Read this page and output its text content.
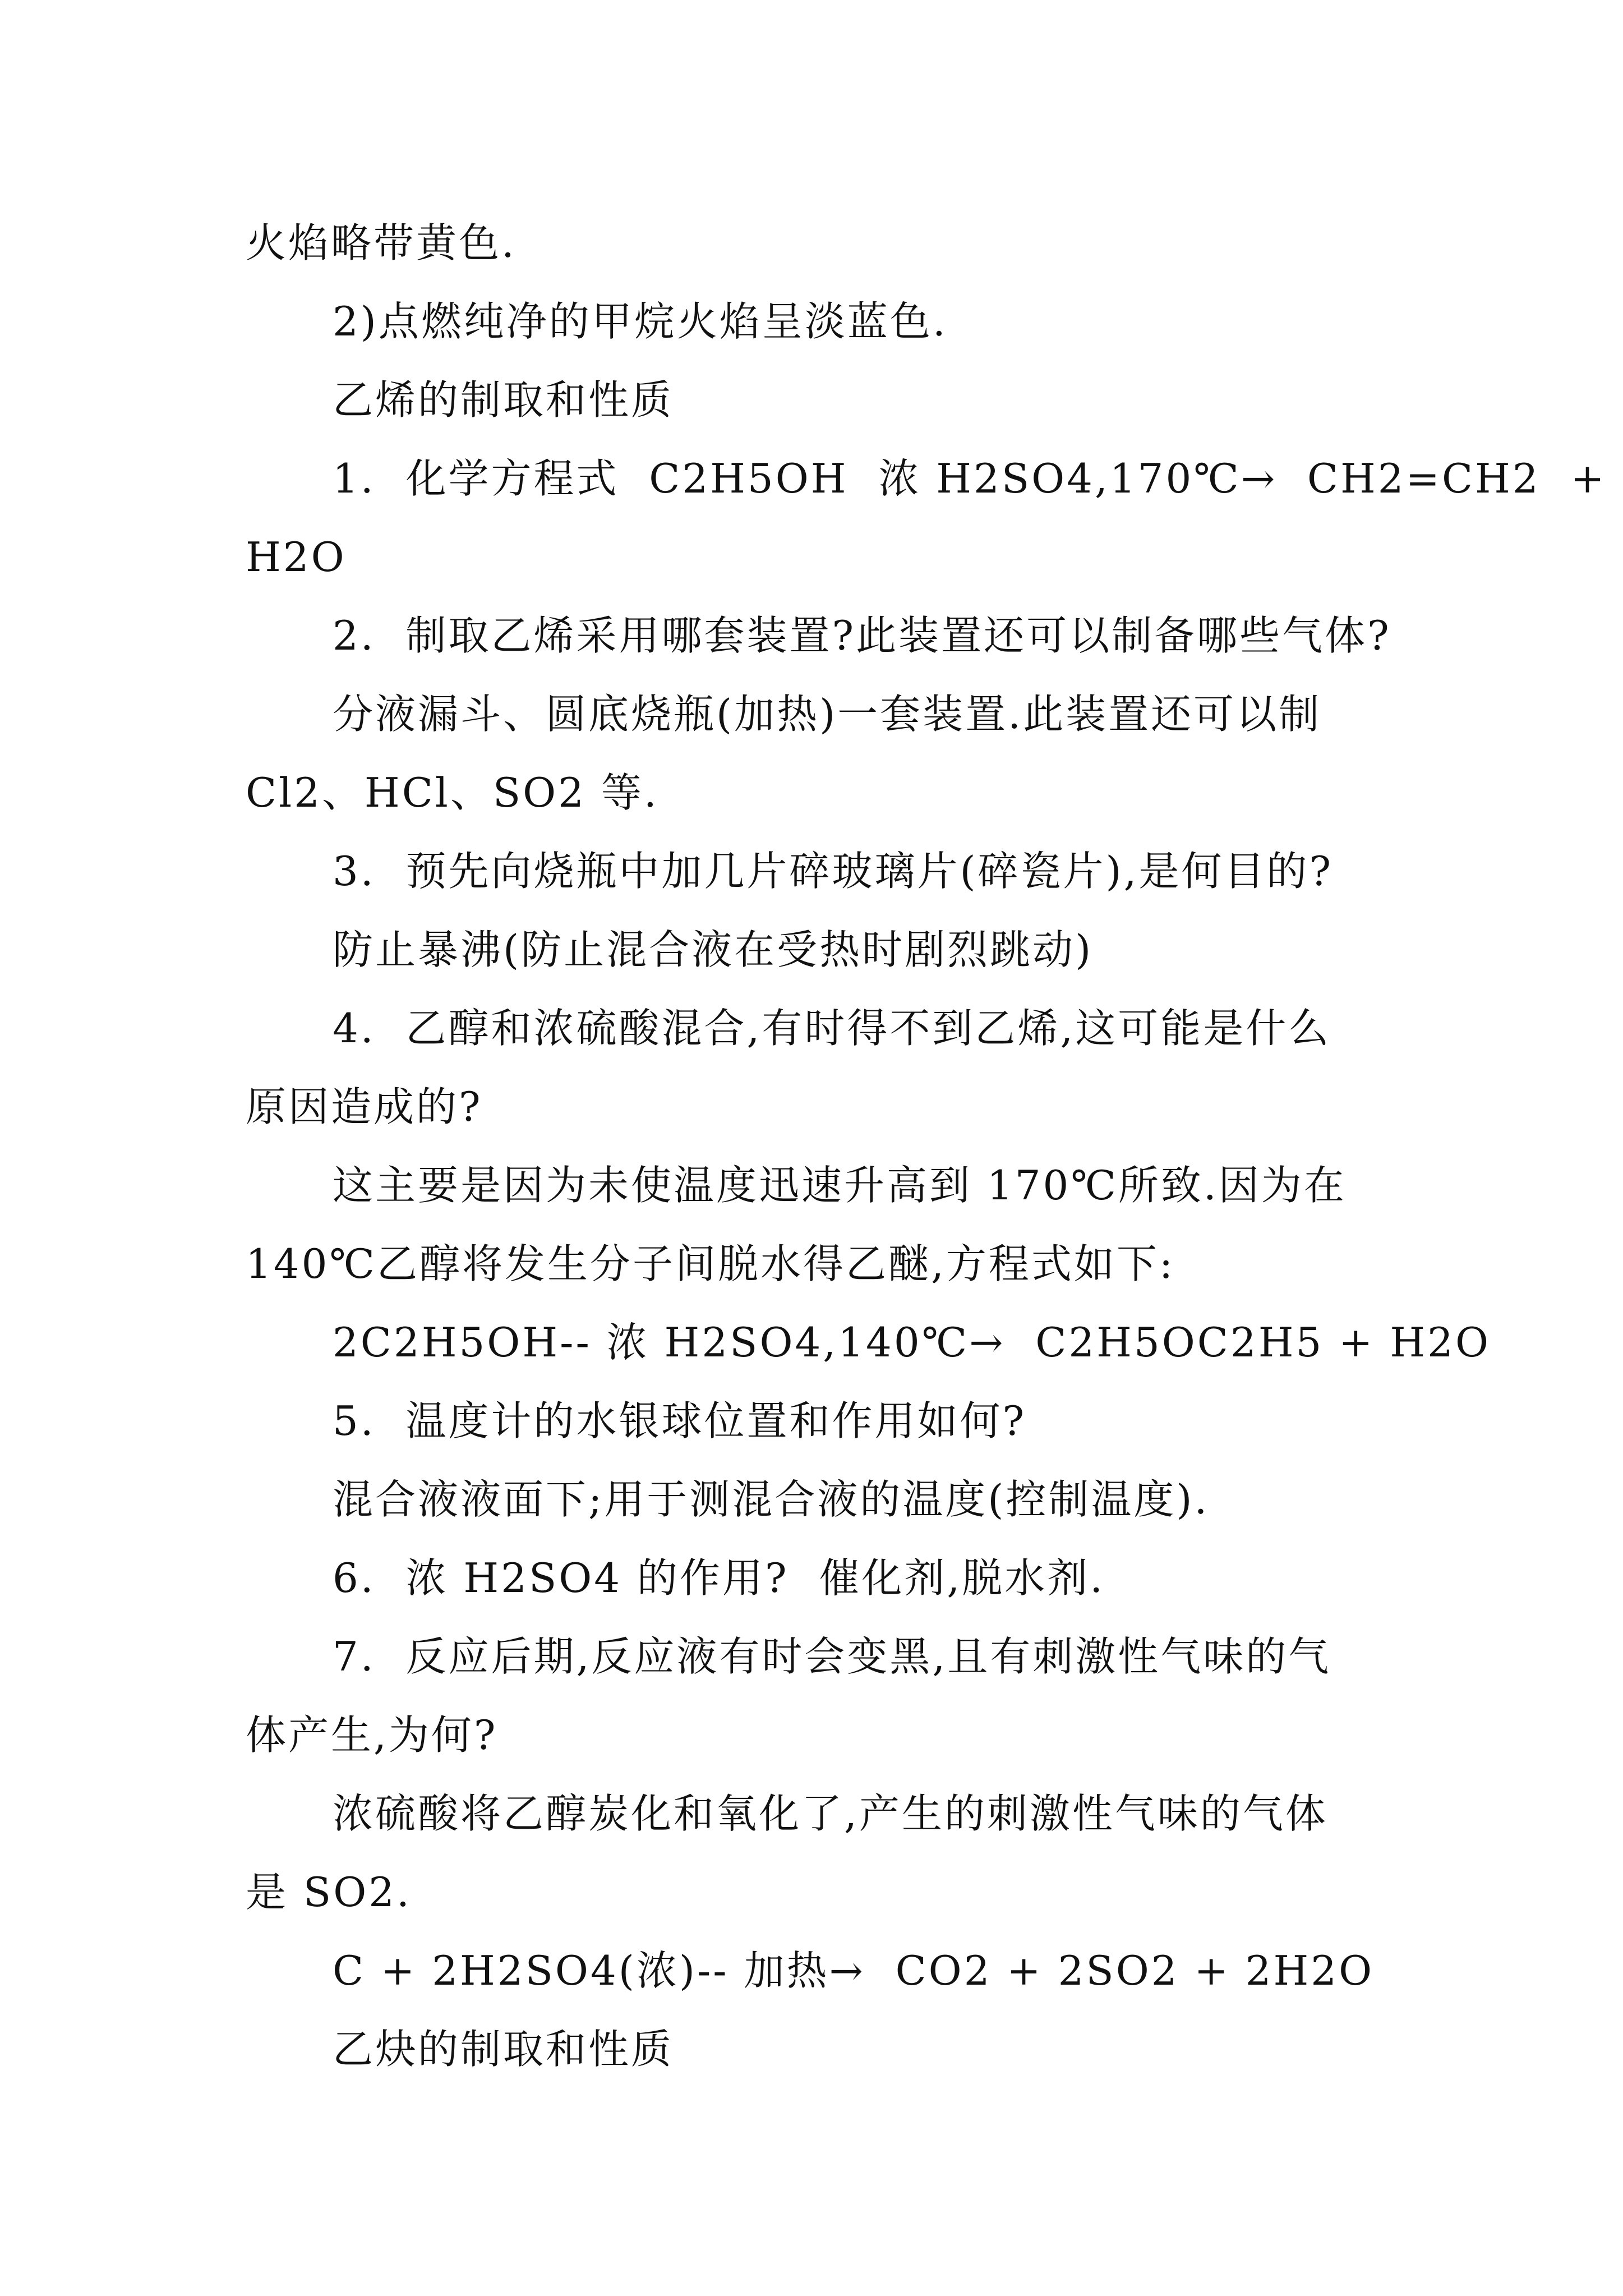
火焰略带黄色.
2)点燃纯净的甲烷火焰呈淡蓝色.
乙烯的制取和性质
1.  化学方程式  C2H5OH  浓 H2SO4,170℃→  CH2=CH2  +
H2O
2.  制取乙烯采用哪套装置?此装置还可以制备哪些气体?
分液漏斗、圆底烧瓶(加热)一套装置.此装置还可以制
Cl2、HCl、SO2 等.
3.  预先向烧瓶中加几片碎玻璃片(碎瓷片),是何目的?
防止暴沸(防止混合液在受热时剧烈跳动)
4.  乙醇和浓硫酸混合,有时得不到乙烯,这可能是什么
原因造成的?
这主要是因为未使温度迅速升高到 170℃所致.因为在
140℃乙醇将发生分子间脱水得乙醚,方程式如下:
2C2H5OH-- 浓 H2SO4,140℃→  C2H5OC2H5 + H2O
5.  温度计的水银球位置和作用如何?
混合液液面下;用于测混合液的温度(控制温度).
6.  浓 H2SO4 的作用?  催化剂,脱水剂.
7.  反应后期,反应液有时会变黑,且有刺激性气味的气
体产生,为何?
浓硫酸将乙醇炭化和氧化了,产生的刺激性气味的气体
是 SO2.
C + 2H2SO4(浓)-- 加热→  CO2 + 2SO2 + 2H2O
乙炔的制取和性质
